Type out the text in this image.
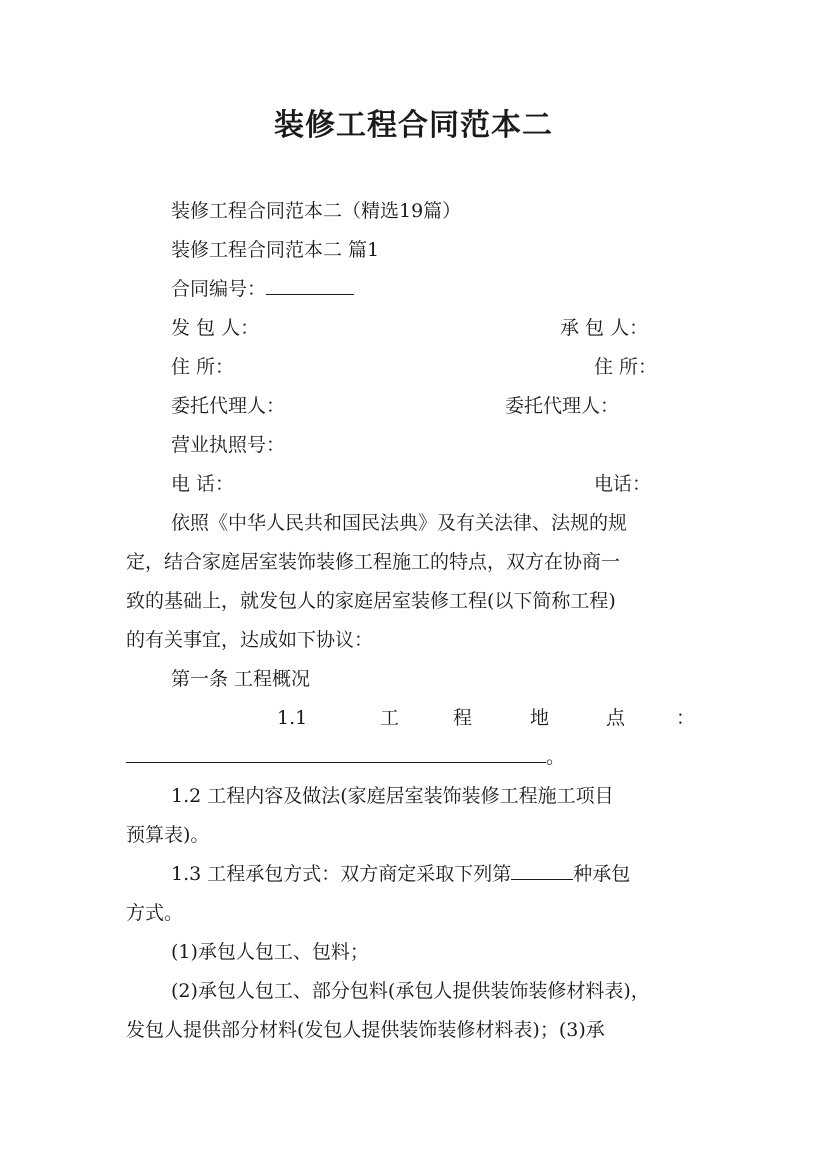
装修工程合同范本二
装修工程合同范本二（精选19篇）
装修工程合同范本二 篇1
合同编号：
发 包 人：	承 包 人：
住 所：	住 所：
委托代理人：	委托代理人：
营业执照号：
电 话：	电话：
依照《中华人民共和国民法典》及有关法律、法规的规
定，结合家庭居室装饰装修工程施工的特点，双方在协商一
致的基础上，就发包人的家庭居室装修工程(以下简称工程)
的有关事宜，达成如下协议：
第一条 工程概况
1.1	工	程	地	点	：
。
1.2 工程内容及做法(家庭居室装饰装修工程施工项目
预算表)。
1.3 工程承包方式：双方商定采取下列第	种承包
方式。
(1)承包人包工、包料；
(2)承包人包工、部分包料(承包人提供装饰装修材料表)，
发包人提供部分材料(发包人提供装饰装修材料表)；(3)承
